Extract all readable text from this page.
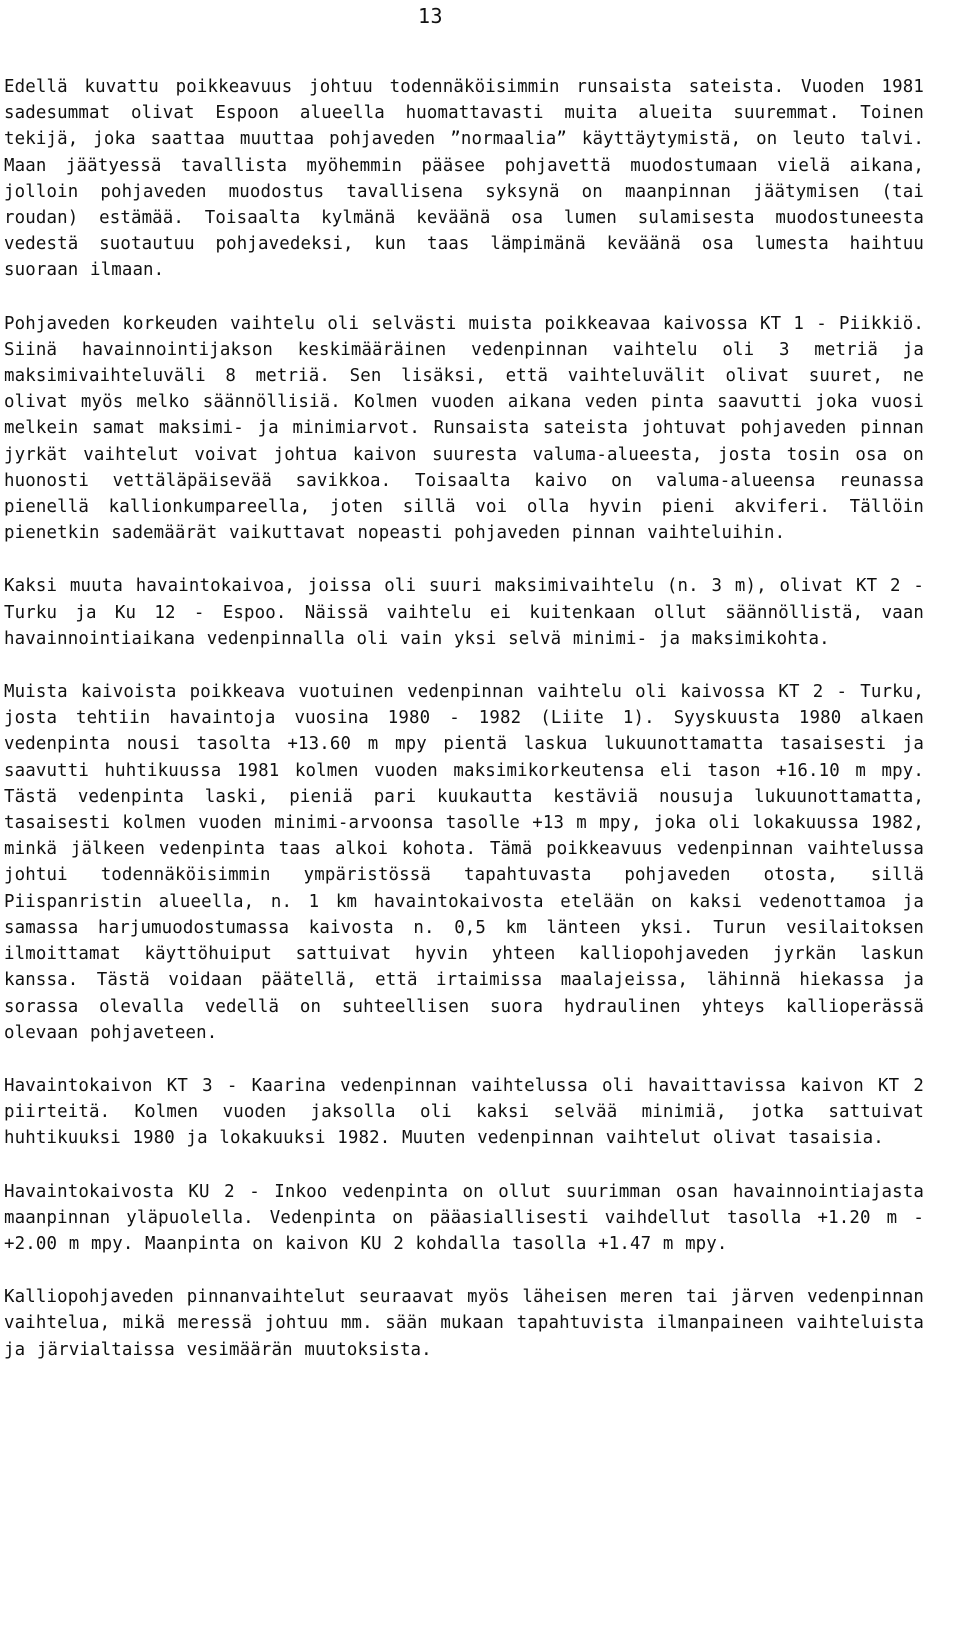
13

Edellä kuvattu poikkeavuus johtuu todennäköisimmin runsaista sateista. Vuoden 1981 sadesummat olivat Espoon alueella huomattavasti muita alueita suuremmat. Toinen tekijä, joka saattaa muuttaa pohjaveden ”normaalia” käyttäytymistä, on leuto talvi. Maan jäätyessä tavallista myöhemmin pääsee pohjavettä muodostumaan vielä aikana, jolloin pohjaveden muodostus tavallisena syksynä on maanpinnan jäätymisen (tai roudan) estämää. Toisaalta kylmänä keväänä osa lumen sulamisesta muodostuneesta vedestä suotautuu pohjavedeksi, kun taas lämpimänä keväänä osa lumesta haihtuu suoraan ilmaan.

Pohjaveden korkeuden vaihtelu oli selvästi muista poikkeavaa kaivossa KT 1 - Piikkiö. Siinä havainnointijakson keskimääräinen vedenpinnan vaihtelu oli 3 metriä ja maksimivaihteluväli 8 metriä. Sen lisäksi, että vaihteluvälit olivat suuret, ne olivat myös melko säännöllisiä. Kolmen vuoden aikana veden pinta saavutti joka vuosi melkein samat maksimi- ja minimiarvot. Runsaista sateista johtuvat pohjaveden pinnan jyrkät vaihtelut voivat johtua kaivon suuresta valuma-alueesta, josta tosin osa on huonosti vettäläpäisevää savikkoa. Toisaalta kaivo on valuma-alueensa reunassa pienellä kallionkumpareella, joten sillä voi olla hyvin pieni akviferi. Tällöin pienetkin sademäärät vaikuttavat nopeasti pohjaveden pinnan vaihteluihin.

Kaksi muuta havaintokaivoa, joissa oli suuri maksimivaihtelu (n. 3 m), olivat KT 2 - Turku ja Ku 12 - Espoo. Näissä vaihtelu ei kuitenkaan ollut säännöllistä, vaan havainnointiaikana vedenpinnalla oli vain yksi selvä minimi- ja maksimikohta.

Muista kaivoista poikkeava vuotuinen vedenpinnan vaihtelu oli kaivossa KT 2 - Turku, josta tehtiin havaintoja vuosina 1980 - 1982 (Liite 1). Syyskuusta 1980 alkaen vedenpinta nousi tasolta +13.60 m mpy pientä laskua lukuunottamatta tasaisesti ja saavutti huhtikuussa 1981 kolmen vuoden maksimikorkeutensa eli tason +16.10 m mpy. Tästä vedenpinta laski, pieniä pari kuukautta kestäviä nousuja lukuunottamatta, tasaisesti kolmen vuoden minimi-arvoonsa tasolle +13 m mpy, joka oli lokakuussa 1982, minkä jälkeen vedenpinta taas alkoi kohota. Tämä poikkeavuus vedenpinnan vaihtelussa johtui todennäköisimmin ympäristössä tapahtuvasta pohjaveden otosta, sillä Piispanristin alueella, n. 1 km havaintokaivosta etelään on kaksi vedenottamoa ja samassa harjumuodostumassa kaivosta n. 0,5 km länteen yksi. Turun vesilaitoksen ilmoittamat käyttöhuiput sattuivat hyvin yhteen kalliopohjaveden jyrkän laskun kanssa. Tästä voidaan päätellä, että irtaimissa maalajeissa, lähinnä hiekassa ja sorassa olevalla vedellä on suhteellisen suora hydraulinen yhteys kallioperässä olevaan pohjaveteen.

Havaintokaivon KT 3 - Kaarina vedenpinnan vaihtelussa oli havaittavissa kaivon KT 2 piirteitä. Kolmen vuoden jaksolla oli kaksi selvää minimiä, jotka sattuivat huhtikuuksi 1980 ja lokakuuksi 1982. Muuten vedenpinnan vaihtelut olivat tasaisia.

Havaintokaivosta KU 2 - Inkoo vedenpinta on ollut suurimman osan havainnointiajasta maanpinnan yläpuolella. Vedenpinta on pääasiallisesti vaihdellut tasolla +1.20 m - +2.00 m mpy. Maanpinta on kaivon KU 2 kohdalla tasolla +1.47 m mpy.

Kalliopohjaveden pinnanvaihtelut seuraavat myös läheisen meren tai järven vedenpinnan vaihtelua, mikä meressä johtuu mm. sään mukaan tapahtuvista ilmanpaineen vaihteluista ja järvialtaissa vesimäärän muutoksista.
